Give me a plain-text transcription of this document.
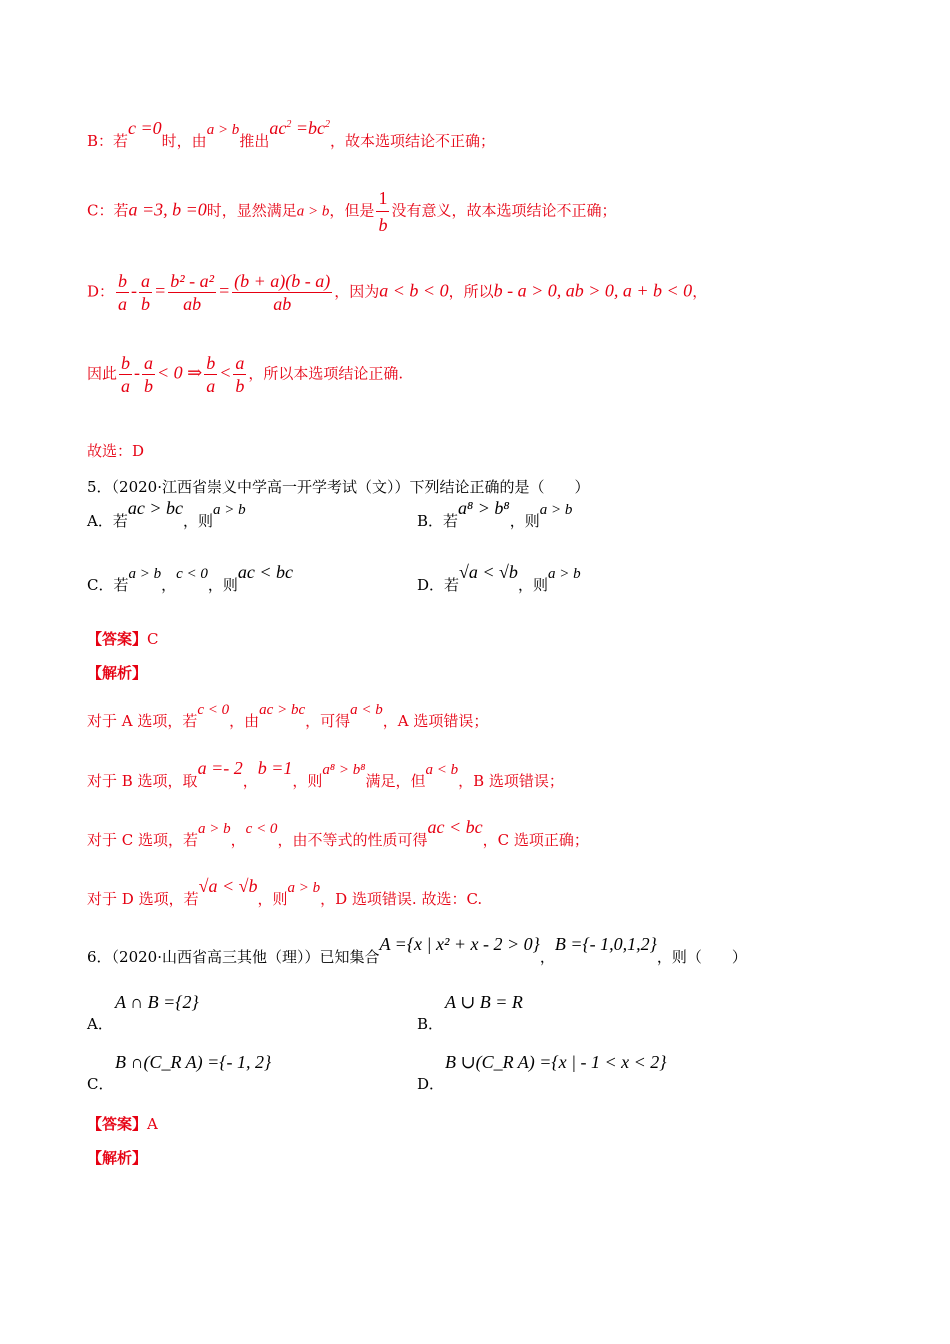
B：若c =0时，由a > b推出$ac^2 =bc^2$，故本选项结论不正确；
C：若a =3, b =0时，显然满足a > b，但是 $\frac{1}{b}$ 没有意义，故本选项结论不正确；
D： $\frac{b}{a} - \frac{a}{b} = \frac{\text{b² - a²}}{ab} = \frac{(b + a)(b - a)}{ab}$ ，因为a < b < 0，所以b - a > 0, ab > 0, a + b < 0，
因此 $\frac{b}{a} - \frac{a}{b} < 0$ ⇒ $\frac{b}{a} < \frac{a}{b}$ ，所以本选项结论正确.
故选：D
5．（2020·江西省崇义中学高一开学考试（文））下列结论正确的是（　　）
A．若ac > bc，则a > b
B．若a⁸ > b⁸，则a > b
C．若a > b，c < 0，则ac < bc
D．若√a < √b，则a > b
【答案】C
【解析】
对于 A 选项，若c < 0，由ac > bc，可得a < b，A 选项错误；
对于 B 选项，取a =- 2，b =1，则a⁸ > b⁸满足，但a < b，B 选项错误；
对于 C 选项，若a > b，c < 0，由不等式的性质可得ac < bc，C 选项正确；
对于 D 选项，若√a < √b，则a > b，D 选项错误. 故选：C.
6．（2020·山西省高三其他（理））已知集合A ={x | x² + x - 2 > 0}，B ={- 1,0,1,2}，则（　　）
A ∩ B ={2}
A．
A ∪ B = R
B．
B ∩(C_R A) ={- 1, 2}
C．
B ∪(C_R A) ={x | - 1 < x < 2}
D．
【答案】A
【解析】
